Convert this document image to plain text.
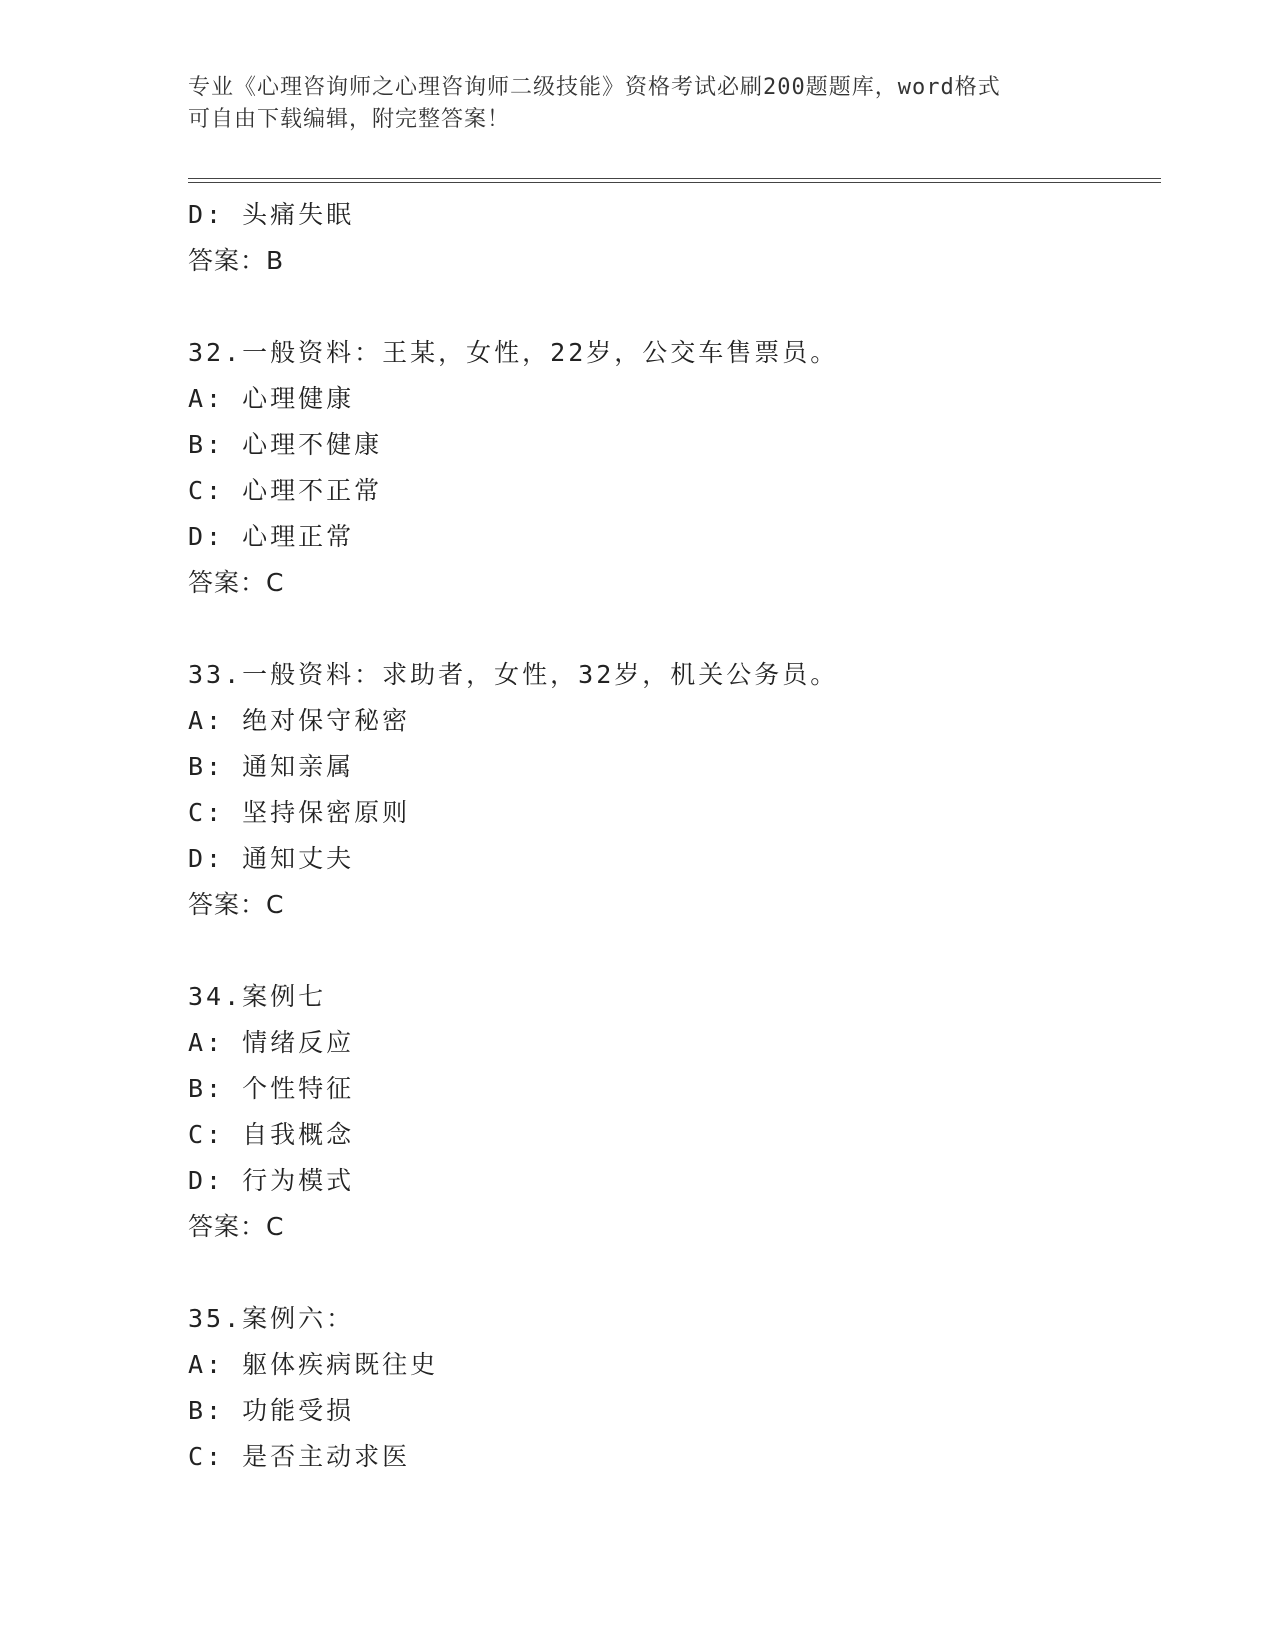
专业《心理咨询师之心理咨询师二级技能》资格考试必刷200题题库，word格式
可自由下载编辑，附完整答案！
D: 头痛失眠
答案：B
32.一般资料：王某，女性，22岁，公交车售票员。
A: 心理健康
B: 心理不健康
C: 心理不正常
D: 心理正常
答案：C
33.一般资料：求助者，女性，32岁，机关公务员。
A: 绝对保守秘密
B: 通知亲属
C: 坚持保密原则
D: 通知丈夫
答案：C
34.案例七
A: 情绪反应
B: 个性特征
C: 自我概念
D: 行为模式
答案：C
35.案例六：
A: 躯体疾病既往史
B: 功能受损
C: 是否主动求医
